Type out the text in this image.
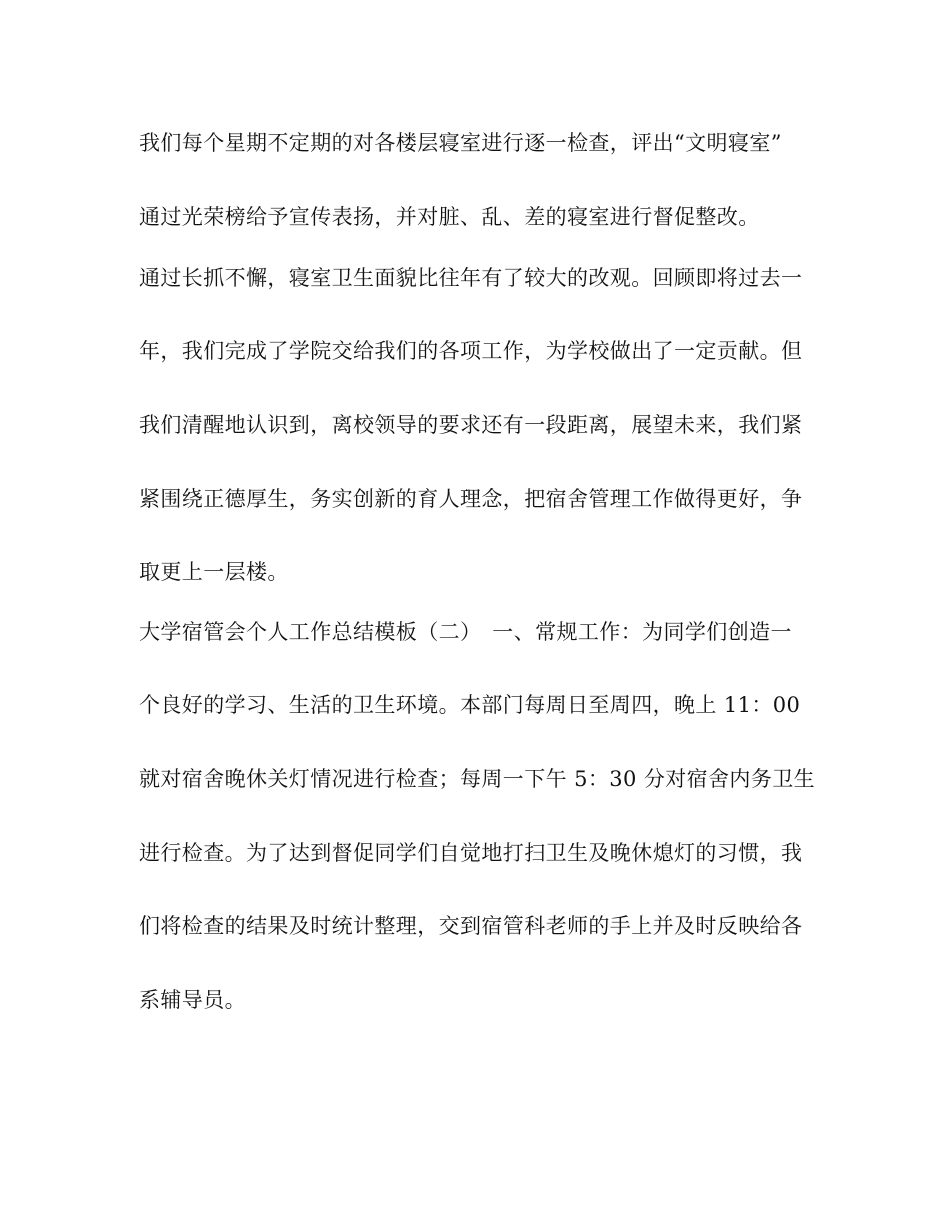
我们每个星期不定期的对各楼层寝室进行逐一检查，评出“文明寝室”
通过光荣榜给予宣传表扬，并对脏、乱、差的寝室进行督促整改。
通过长抓不懈，寝室卫生面貌比往年有了较大的改观。回顾即将过去一
年，我们完成了学院交给我们的各项工作，为学校做出了一定贡献。但
我们清醒地认识到，离校领导的要求还有一段距离，展望未来，我们紧
紧围绕正德厚生，务实创新的育人理念，把宿舍管理工作做得更好，争
取更上一层楼。
大学宿管会个人工作总结模板（二）　一、常规工作：为同学们创造一
个良好的学习、生活的卫生环境。本部门每周日至周四，晚上 11：00
就对宿舍晚休关灯情况进行检查；每周一下午 5：30 分对宿舍内务卫生
进行检查。为了达到督促同学们自觉地打扫卫生及晚休熄灯的习惯，我
们将检查的结果及时统计整理，交到宿管科老师的手上并及时反映给各
系辅导员。
